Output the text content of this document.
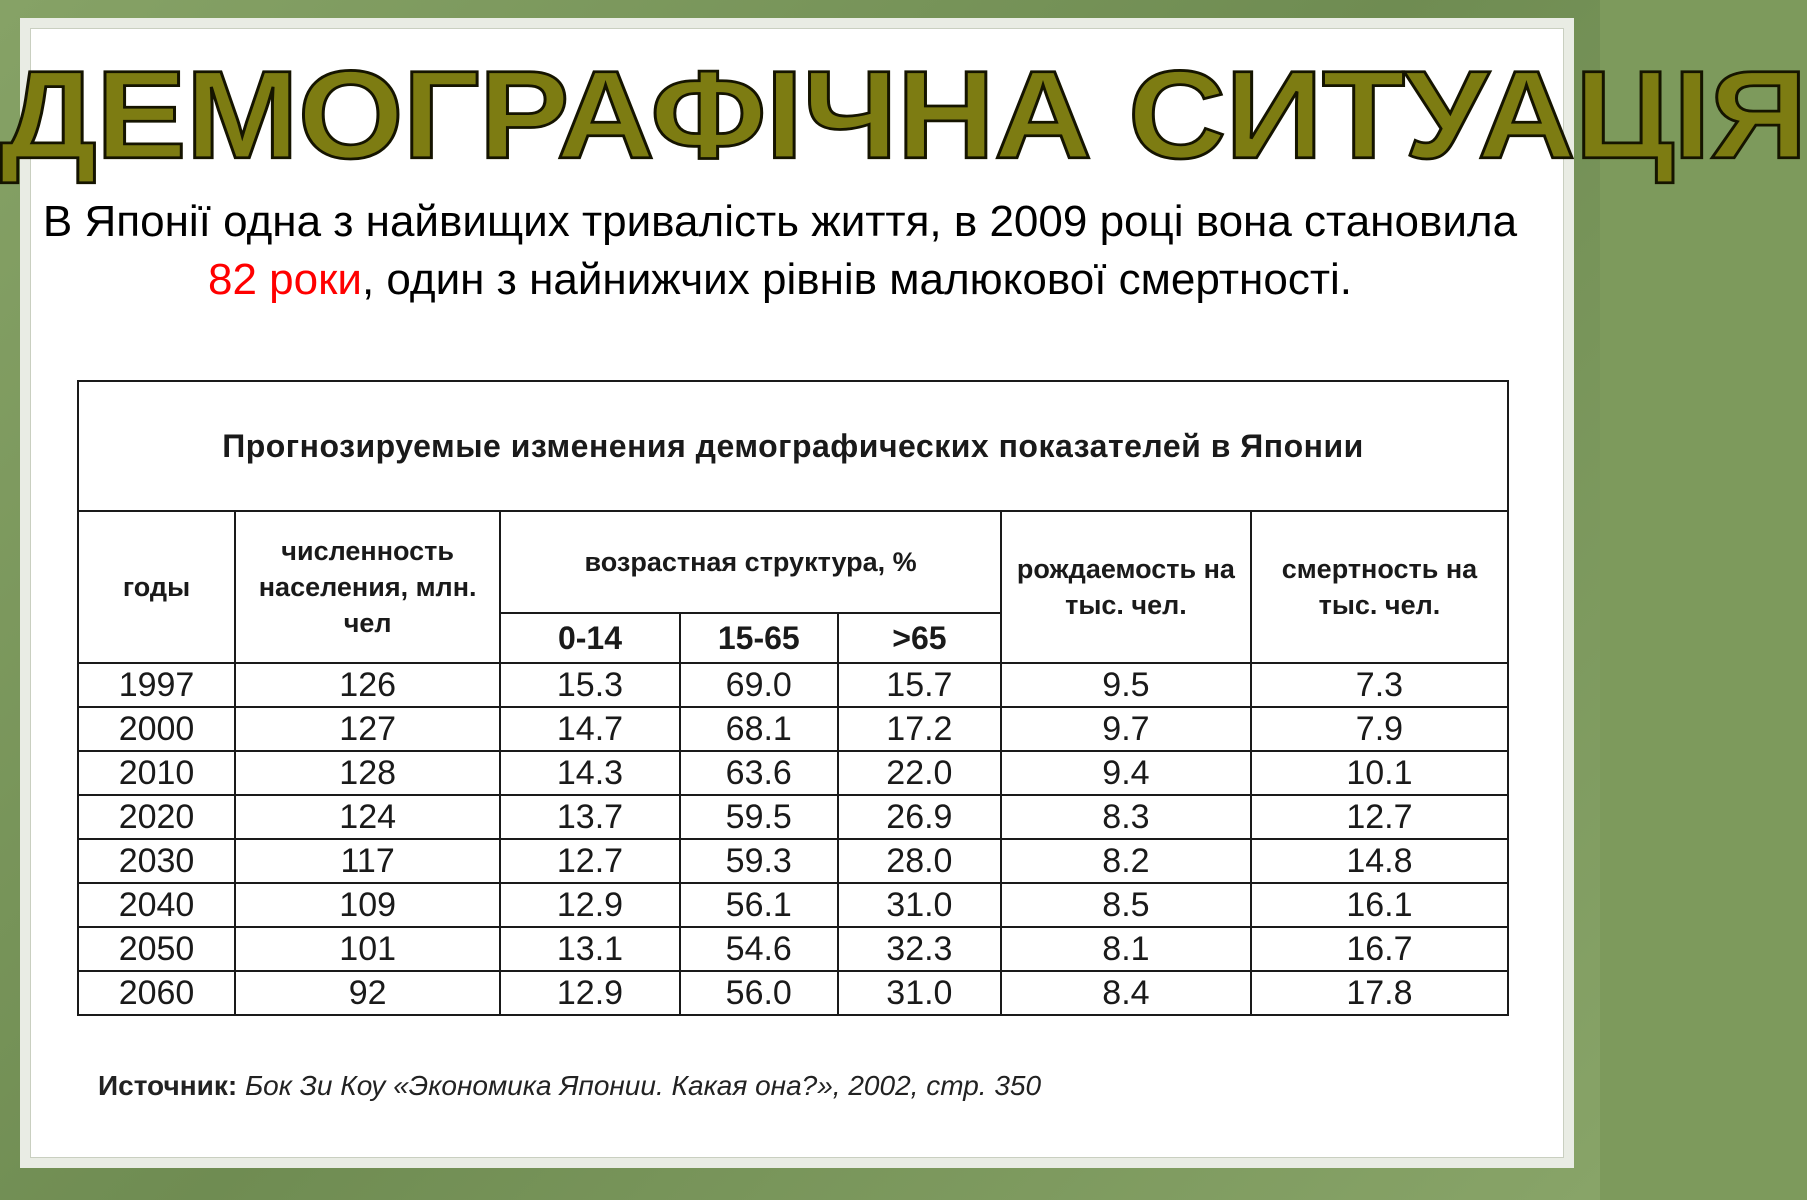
ДЕМОГРАФІЧНА СИТУАЦІЯ
В Японії одна з найвищих тривалість життя, в 2009 році вона становила 82 роки, один з найнижчих рівнів малюкової смертності.
Прогнозируемые изменения демографических показателей в Японии						
годы	численность населения, млн. чел	возрастная структура, %			рождаемость на тыс. чел.	смертность на тыс. чел.
		0-14	15-65	>65		
1997	126	15.3	69.0	15.7	9.5	7.3
2000	127	14.7	68.1	17.2	9.7	7.9
2010	128	14.3	63.6	22.0	9.4	10.1
2020	124	13.7	59.5	26.9	8.3	12.7
2030	117	12.7	59.3	28.0	8.2	14.8
2040	109	12.9	56.1	31.0	8.5	16.1
2050	101	13.1	54.6	32.3	8.1	16.7
2060	92	12.9	56.0	31.0	8.4	17.8
Источник: Бок Зи Коу «Экономика Японии. Какая она?», 2002, стр. 350
